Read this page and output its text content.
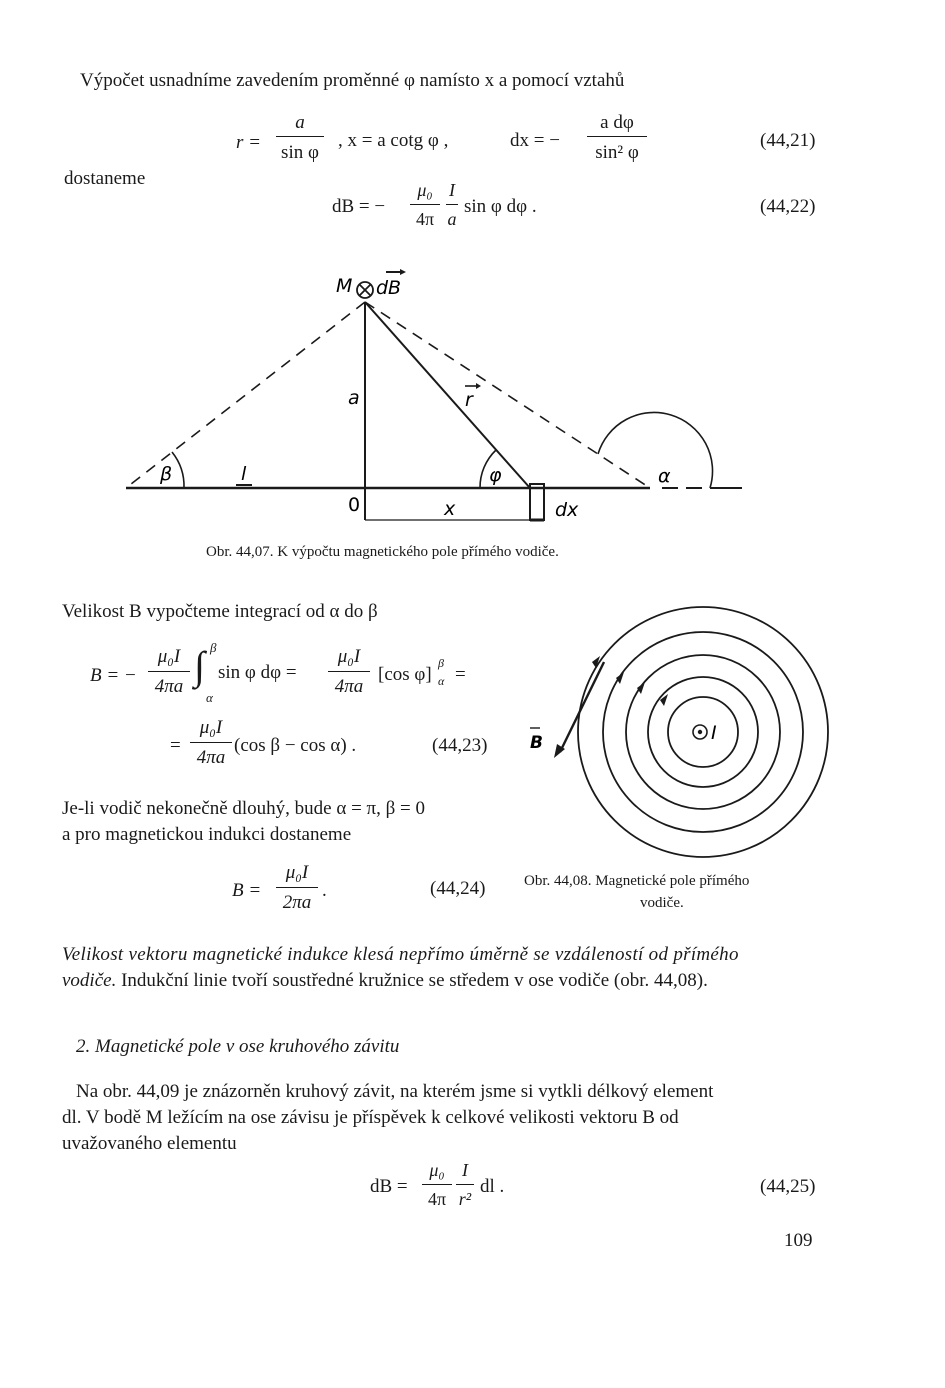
Výpočet usnadníme zavedením proměnné φ namísto x a pomocí vztahů
r =
a
sin φ
, x = a cotg φ ,	dx = −
a dφ
sin² φ
(44,21)
dostaneme
dB = −
μ₀
4π
I
a
sin φ dφ .	(44,22)
M dB
a	r
β	l	φ	α
0	x	dx
Obr. 44,07. K výpočtu magnetického pole přímého vodiče.
Velikost B vypočteme integrací od α do β
B = −
μ₀I
4πa ∫ β
α
sin φ dφ =
μ₀I
4πa
[cos φ]
β
α =
=
μ₀I
4πa
(cos β − cos α) .	(44,23)
Je-li vodič nekonečně dlouhý, bude α = π, β = 0
a pro magnetickou indukci dostaneme
B =
μ₀I
2πa
.	(44,24)
B	I
Obr. 44,08. Magnetické pole přímého
vodiče.
Velikost vektoru magnetické indukce klesá nepřímo úměrně se vzdáleností od přímého
vodiče. Indukční linie tvoří soustředné kružnice se středem v ose vodiče (obr. 44,08).
2. Magnetické pole v ose kruhového závitu
Na obr. 44,09 je znázorněn kruhový závit, na kterém jsme si vytkli délkový element
dl. V bodě M ležícím na ose závisu je příspěvek k celkové velikosti vektoru B od
uvažovaného elementu
dB =
μ₀
4π
I
r²
dl .	(44,25)
109
